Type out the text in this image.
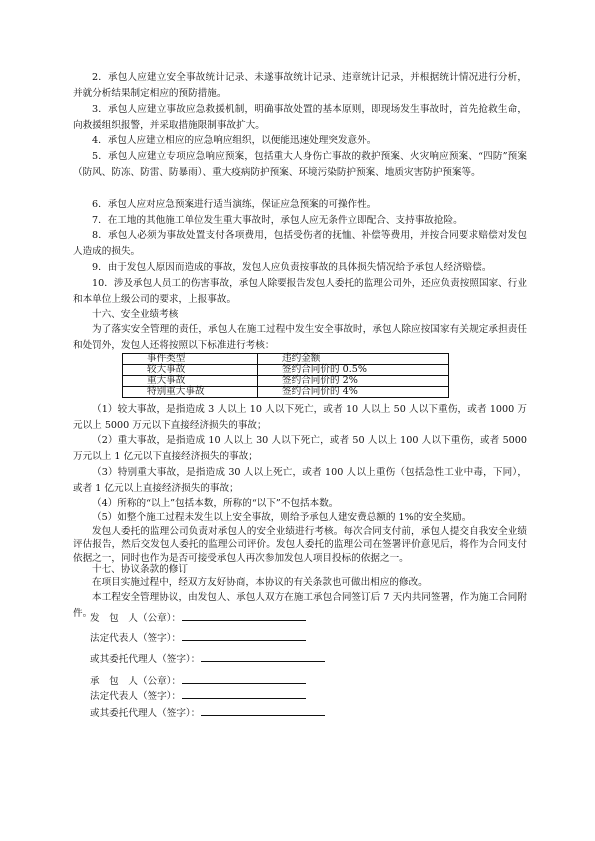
2．承包人应建立安全事故统计记录、未遂事故统计记录、违章统计记录，并根据统计情况进行分析，并就分析结果制定相应的预防措施。

3．承包人应建立事故应急救援机制，明确事故处置的基本原则，即现场发生事故时，首先抢救生命，向救援组织报警，并采取措施限制事故扩大。

4．承包人应建立相应的应急响应组织，以便能迅速处理突发意外。

5．承包人应建立专项应急响应预案，包括重大人身伤亡事故的救护预案、火灾响应预案、“四防”预案（防风、防冻、防雷、防暴雨）、重大疫病防护预案、环境污染防护预案、地质灾害防护预案等。

6．承包人应对应急预案进行适当演练，保证应急预案的可操作性。

7．在工地的其他施工单位发生重大事故时，承包人应无条件立即配合、支持事故抢险。

8．承包人必须为事故处置支付各项费用，包括受伤者的抚恤、补偿等费用，并按合同要求赔偿对发包人造成的损失。

9．由于发包人原因而造成的事故，发包人应负责按事故的具体损失情况给予承包人经济赔偿。

10．涉及承包人员工的伤害事故，承包人除要报告发包人委托的监理公司外，还应负责按照国家、行业和本单位上级公司的要求，上报事故。

十六、安全业绩考核

为了落实安全管理的责任，承包人在施工过程中发生安全事故时，承包人除应按国家有关规定承担责任和处罚外，发包人还将按照以下标准进行考核：

事件类型	违约金额
较大事故	签约合同价的 0.5%
重大事故	签约合同价的 2%
特别重大事故	签约合同价的 4%

（1）较大事故，是指造成 3 人以上 10 人以下死亡，或者 10 人以上 50 人以下重伤，或者 1000 万元以上 5000 万元以下直接经济损失的事故；

（2）重大事故，是指造成 10 人以上 30 人以下死亡，或者 50 人以上 100 人以下重伤，或者 5000 万元以上 1 亿元以下直接经济损失的事故；

（3）特别重大事故，是指造成 30 人以上死亡，或者 100 人以上重伤（包括急性工业中毒，下同），或者 1 亿元以上直接经济损失的事故；

（4）所称的“以上”包括本数，所称的“以下”不包括本数。

（5）如整个施工过程未发生以上安全事故，则给予承包人建安费总额的 1%的安全奖励。

发包人委托的监理公司负责对承包人的安全业绩进行考核。每次合同支付前，承包人提交自我安全业绩评估报告，然后交发包人委托的监理公司评价。发包人委托的监理公司在签署评价意见后，将作为合同支付依据之一，同时也作为是否可接受承包人再次参加发包人项目投标的依据之一。

十七、协议条款的修订

在项目实施过程中，经双方友好协商，本协议的有关条款也可做出相应的修改。

本工程安全管理协议，由发包人、承包人双方在施工承包合同签订后 7 天内共同签署，作为施工合同附件。

发　包　人（公章）：
法定代表人（签字）：
或其委托代理人（签字）：
承　包　人（公章）：
法定代表人（签字）：
或其委托代理人（签字）：
